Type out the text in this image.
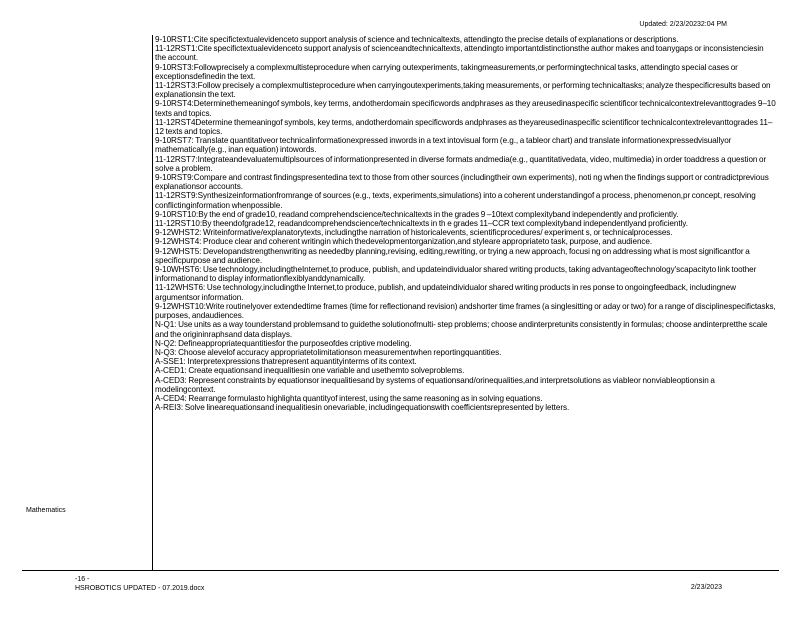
Updated: 2/23/20232:04 PM
Mathematics

9-10RST1:Cite specifictextualevidenceto support analysis of science and technicaltexts, attendingto the precise details of explanations or descriptions.

11-12RST1:Cite specifictextualevidenceto support analysis of scienceandtechnicaltexts, attendingto importantdistinctionsthe author makes and toanygaps or inconsistenciesin the account.

9-10RST3:Followprecisely a complexmultisteprocedure when carrying outexperiments, takingmeasurements,or performingtechnical tasks, attendingto special cases or exceptionsdefinedin the text.

11-12RST3:Follow precisely a complexmultisteprocedure when carryingoutexperiments,taking measurements, or performing technicaltasks; analyze thespecificresults based on explanationsin the text.

9-10RST4:Determinethemeaningof symbols, key terms, andotherdomain specificwords andphrases as they areusedinaspecific scientificor technicalcontextrelevanttogrades 9–10 texts and topics.

11-12RST4Determine themeaningof symbols, key terms, andotherdomain specificwords andphrases as theyareusedinaspecific scientificor technicalcontextrelevanttogrades 11–12 texts and topics.

9-10RST7: Translate quantitativeor technicalinformationexpressed inwords in a text intovisual form (e.g., a tableor chart) and translate informationexpressedvisuallyor mathematically(e.g., inan equation) intowords.

11-12RST7:Integrateandevaluatemultiplsources of informationpresented in diverse formats andmedia(e.g., quantitativedata, video, multimedia) in order toaddress a question or solve a problem.

9-10RST9:Compare and contrast findingspresentedina text to those from other sources (includingtheir own experiments), noti ng when the findings support or contradictprevious explanationsor accounts.

11-12RST9:Synthesizeinformationfromrange of sources (e.g., texts, experiments,simulations) into a coherent understandingof a process, phenomenon,pr concept, resolving conflictinginformation whenpossible.

9-10RST10:By the end of grade10, readand comprehendscience/technicaltexts in the grades 9 –10text complexityband independently and proficiently.

11-12RST10:By theendofgrade12, readandcomprehendscience/technicaltexts in th e grades 11–CCR text complexityband independentlyand proficiently.

9-12WHST2: Writeinformative/explanatorytexts, includingthe narration of historicalevents, scientificprocedures/ experiment s, or technicalprocesses.

9-12WHST4: Produce clear and coherent writingin which thedevelopmentorganization,and styleare appropriateto task, purpose, and audience.

9-12WHST5: Developandstrengthenwriting as neededby planning,revising, editing,rewriting, or trying a new approach, focusi ng on addressing what is most significantfor a specificpurpose and audience.

9-10WHST6: Use technology,includingtheInternet,to produce, publish, and updateindividualor shared writing products, taking advantageoftechnology'scapacityto link toother informationand to display informationflexiblyanddynamically.

11-12WHST6: Use technology,includingthe Internet,to produce, publish, and updateindividualor shared writing products in res ponse to ongoingfeedback, includingnew argumentsor information.

9-12WHST10:Write routinelyover extendedtime frames (time for reflectionand revision) andshorter time frames (a singlesitting or aday or two) for a range of disciplinespecifictasks, purposes, andaudiences.

N-Q1: Use units as a way tounderstand problemsand to guidethe solutionofmulti- step problems; choose andinterpretunits consistently in formulas; choose andinterpretthe scale and the origininraphsand data displays.

N-Q2: Defineappropriatequantitiesfor the purposeofdes criptive modeling.

N-Q3: Choose alevelof accuracy appropriatetolimitationson measurementwhen reportingquantities.

A-SSE1: Interpretexpressions thatrepresent aquantityinterms of its context.

A-CED1: Create equationsand inequalitiesin one variable and usethemto solveproblems.

A-CED3: Represent constraints by equationsor inequalitiesand by systems of equationsand/orinequalities,and interpretsolutions as viableor nonviableoptionsin a modelingcontext.

A-CED4: Rearrange formulasto highlighta quantityof interest, using the same reasoning as in solving equations.

A-REI3: Solve linearequationsand inequalitiesin onevariable, includingequationswith coefficientsrepresented by letters.

-16 -
HSROBOTICS UPDATED - 07.2019.docx	2/23/2023
